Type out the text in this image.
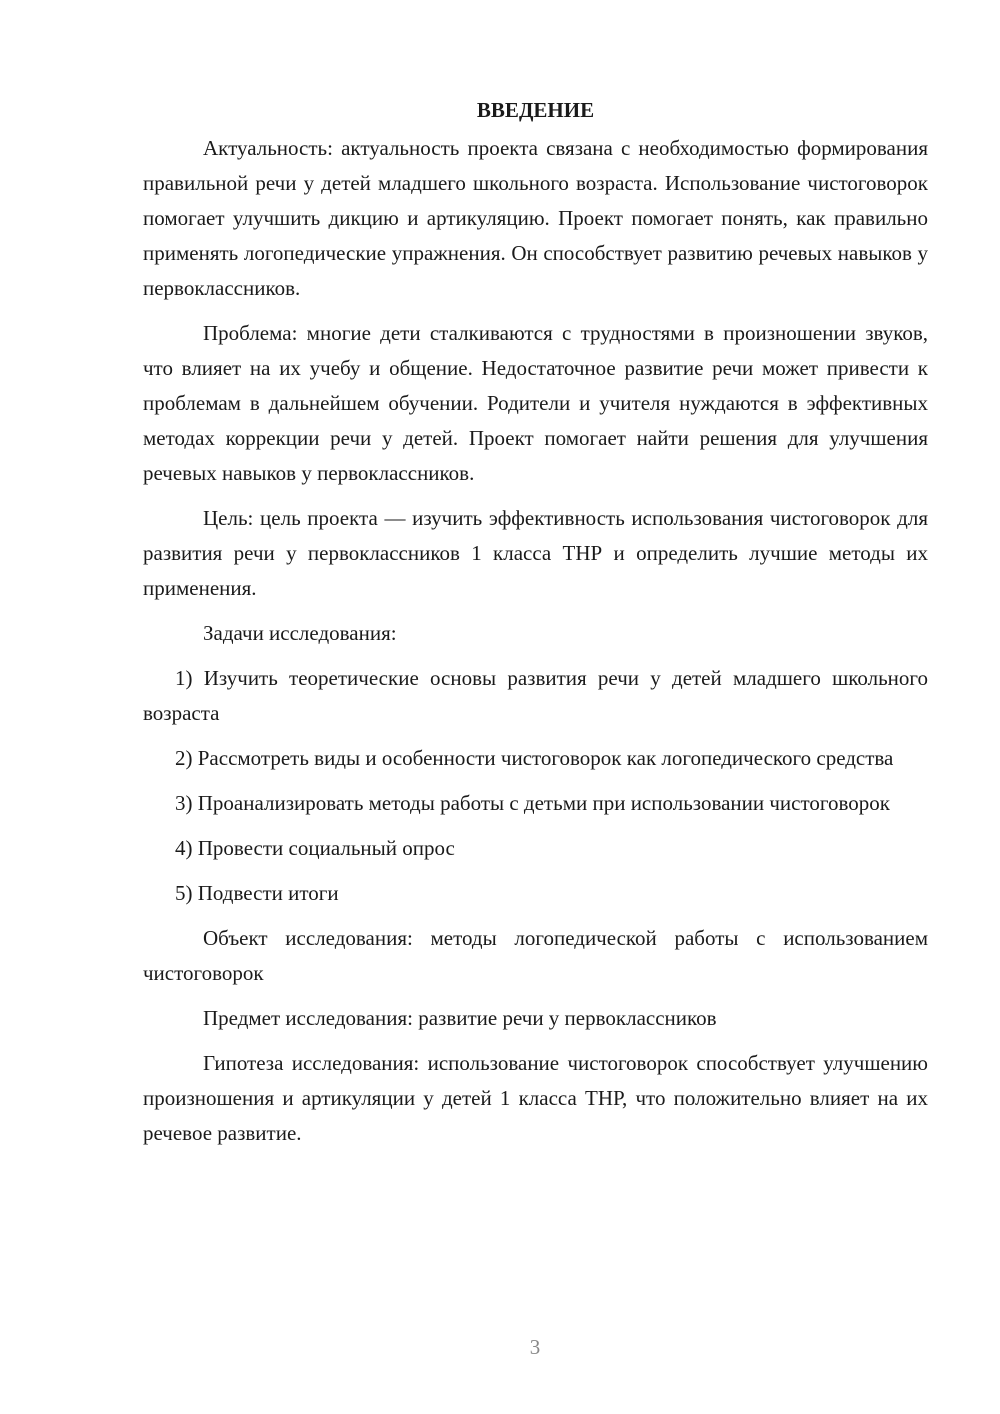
ВВЕДЕНИЕ

Актуальность: актуальность проекта связана с необходимостью формирования правильной речи у детей младшего школьного возраста. Использование чистоговорок помогает улучшить дикцию и артикуляцию. Проект помогает понять, как правильно применять логопедические упражнения. Он способствует развитию речевых навыков у первоклассников.

Проблема: многие дети сталкиваются с трудностями в произношении звуков, что влияет на их учебу и общение. Недостаточное развитие речи может привести к проблемам в дальнейшем обучении. Родители и учителя нуждаются в эффективных методах коррекции речи у детей. Проект помогает найти решения для улучшения речевых навыков у первоклассников.

Цель: цель проекта — изучить эффективность использования чистоговорок для развития речи у первоклассников 1 класса ТНР и определить лучшие методы их применения.

Задачи исследования:

1) Изучить теоретические основы развития речи у детей младшего школьного возраста

2) Рассмотреть виды и особенности чистоговорок как логопедического средства

3) Проанализировать методы работы с детьми при использовании чистоговорок

4) Провести социальный опрос

5) Подвести итоги

Объект исследования: методы логопедической работы с использованием чистоговорок

Предмет исследования: развитие речи у первоклассников

Гипотеза исследования: использование чистоговорок способствует улучшению произношения и артикуляции у детей 1 класса ТНР, что положительно влияет на их речевое развитие.

3
